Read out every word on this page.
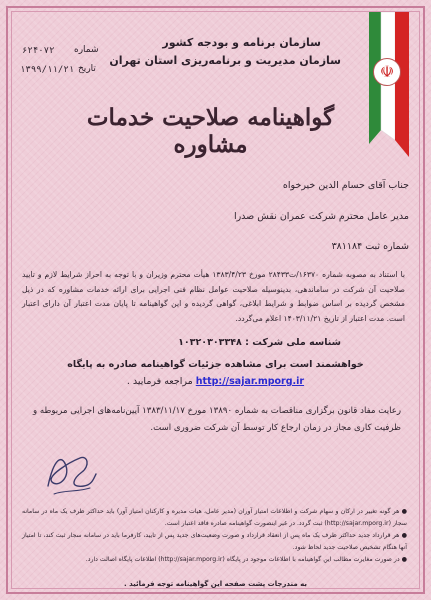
☫
سازمان برنامه و بودجه کشور
سازمان مدیریت و برنامه‌ریزی استان تهران
شماره
۶۲۴۰۷۲
تاریخ
۱۳۹۹/۱۱/۲۱
گواهینامه صلاحیت خدمات مشاوره
جناب آقای حسام الدین خیرخواه
مدیر عامل محترم شرکت عمران نقش صدرا
شماره ثبت ۳۸۱۱۸۴
با استناد به مصوبه شماره ۱۶۳۷۰/ت۲۸۴۳۳ مورخ ۱۳۸۳/۴/۲۳ هیأت محترم وزیران و با توجه به احراز شرایط لازم و تایید صلاحیت آن شرکت در ساماندهی، بدینوسیله صلاحیت عوامل نظام فنی اجرایی برای ارائه خدمات مشاوره که در ذیل مشخص گردیده بر اساس ضوابط و شرایط ابلاغی، گواهی گردیده و این گواهینامه تا پایان مدت اعتبار آن دارای اعتبار است. مدت اعتبار از تاریخ ۱۴۰۳/۱۱/۲۱ اعلام می‌گردد.
شناسه ملی شرکت : ۱۰۳۲۰۳۰۳۳۴۸
خواهشمند است برای مشاهده جزئیات گواهینامه صادره به پایگاه
http://sajar.mporg.ir مراجعه فرمایید .
رعایت مفاد قانون برگزاری مناقصات به شماره ۱۳۸۹۰ مورخ ۱۳۸۳/۱۱/۱۷ آیین‌نامه‌های اجرایی مربوطه و ظرفیت کاری مجاز در زمان ارجاع کار توسط آن شرکت ضروری است.
● هر گونه تغییر در ارکان و سهام شرکت و اطلاعات امتیاز آوران (مدیر عامل، هیات مدیره و کارکنان امتیاز آور) باید حداکثر ظرف یک ماه در سامانه سجار (http://sajar.mporg.ir) ثبت گردد. در غیر اینصورت گواهینامه صادره فاقد اعتبار است.
● هر قرارداد جدید حداکثر ظرف یک ماه پس از انعقاد قرارداد و صورت وضعیت‌های جدید پس از تایید، کارفرما باید در سامانه سجار ثبت کند، تا امتیاز آنها هنگام تشخیص صلاحیت جدید لحاظ شود.
● در صورت مغایرت مطالب این گواهینامه با اطلاعات موجود در پایگاه (http://sajar.mporg.ir) اطلاعات پایگاه اصالت دارد.
به مندرجات پشت صفحه این گواهینامه توجه فرمائید .
